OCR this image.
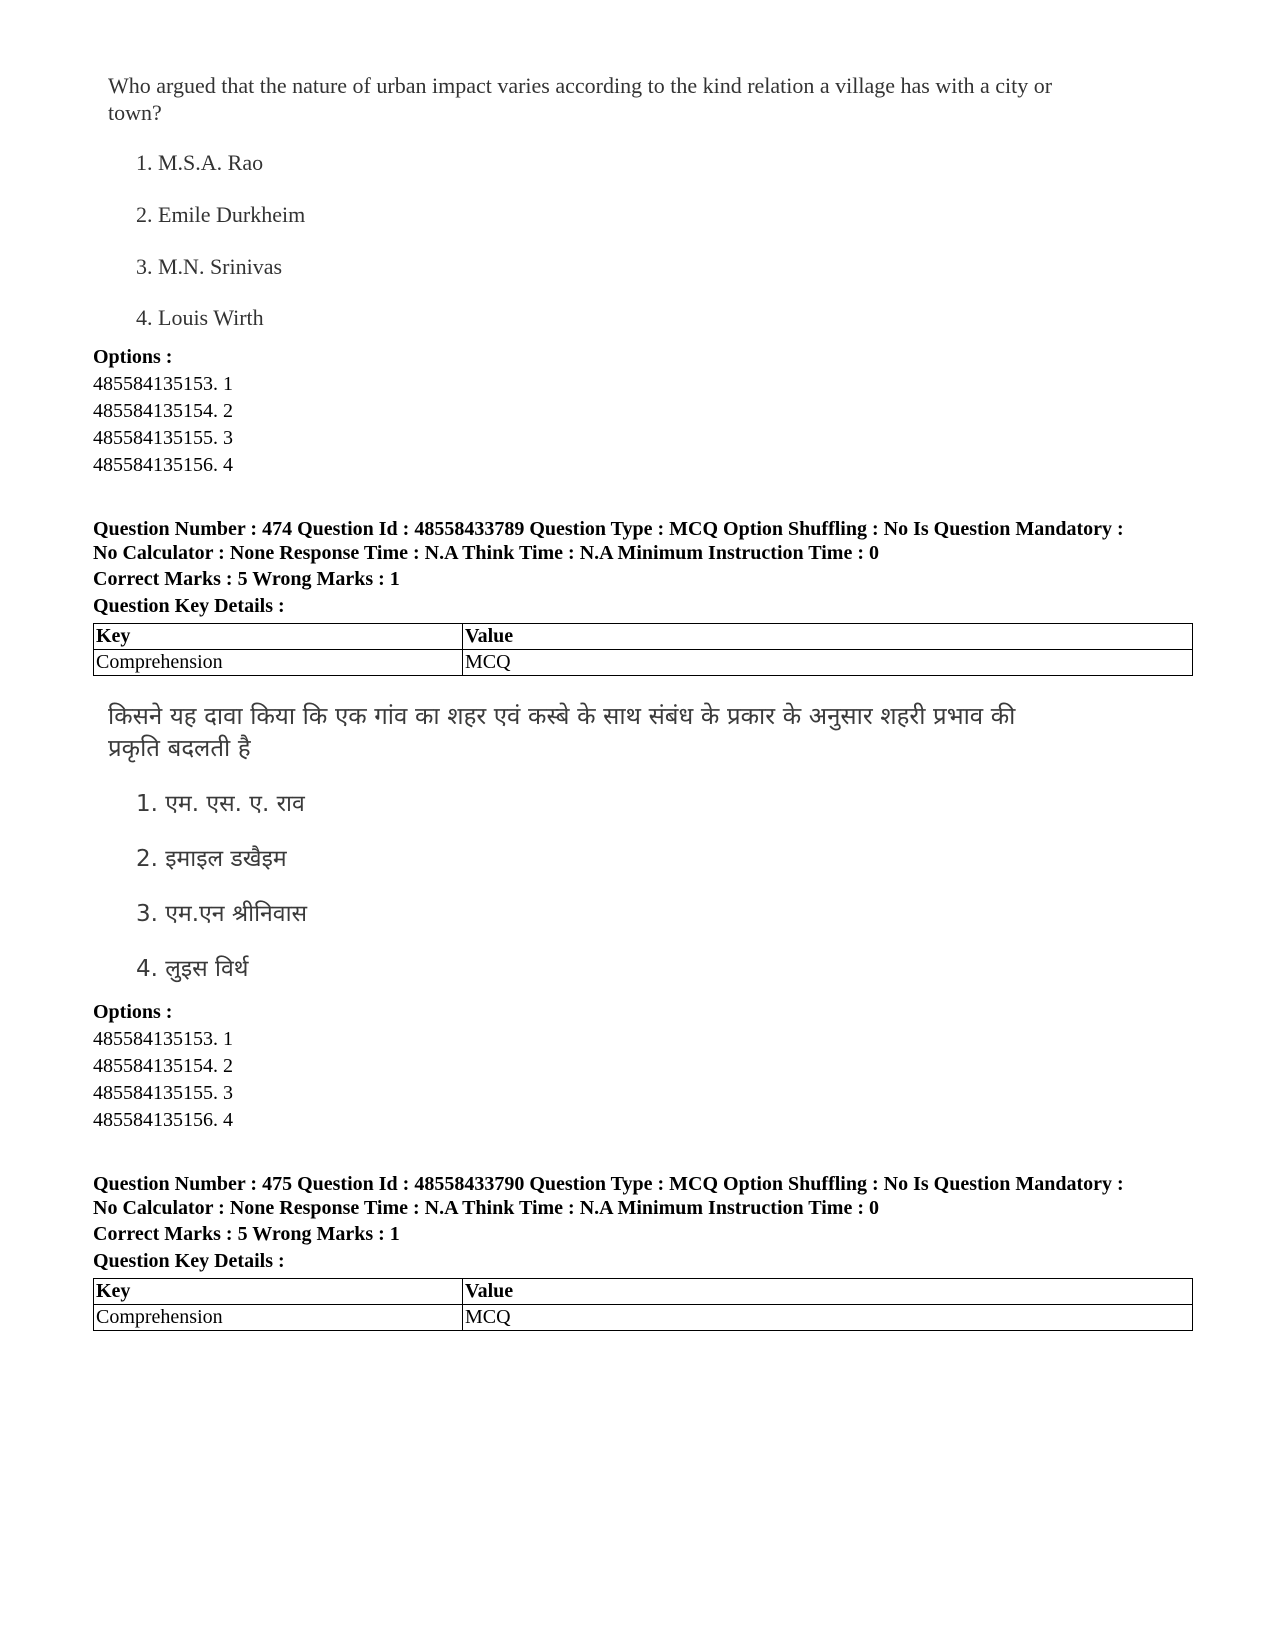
Who argued that the nature of urban impact varies according to the kind relation a village has with a city or town?
1. M.S.A. Rao
2. Emile Durkheim
3. M.N. Srinivas
4. Louis Wirth
Options :
485584135153. 1
485584135154. 2
485584135155. 3
485584135156. 4
Question Number : 474 Question Id : 48558433789 Question Type : MCQ Option Shuffling : No Is Question Mandatory :
No Calculator : None Response Time : N.A Think Time : N.A Minimum Instruction Time : 0
Correct Marks : 5 Wrong Marks : 1
Question Key Details :
Key	Value
Comprehension	MCQ
किसने यह दावा किया कि एक गांव का शहर एवं कस्बे के साथ संबंध के प्रकार के अनुसार शहरी प्रभाव की प्रकृति बदलती है
1. एम. एस. ए. राव
2. इमाइल डखैइम
3. एम.एन श्रीनिवास
4. लुइस विर्थ
Options :
485584135153. 1
485584135154. 2
485584135155. 3
485584135156. 4
Question Number : 475 Question Id : 48558433790 Question Type : MCQ Option Shuffling : No Is Question Mandatory :
No Calculator : None Response Time : N.A Think Time : N.A Minimum Instruction Time : 0
Correct Marks : 5 Wrong Marks : 1
Question Key Details :
Key	Value
Comprehension	MCQ
